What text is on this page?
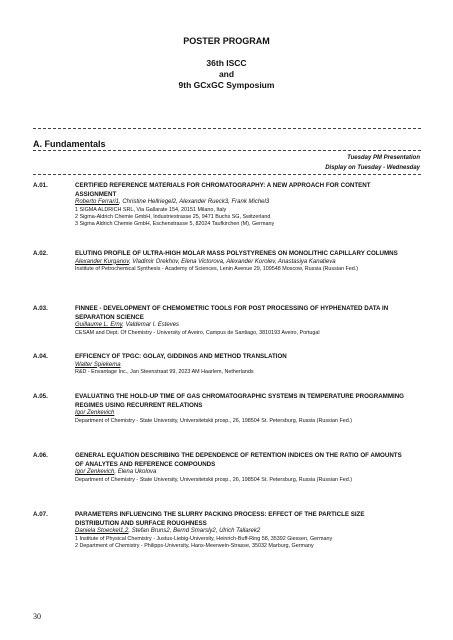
POSTER PROGRAM
36th ISCC
and
9th GCxGC Symposium
A. Fundamentals
Tuesday PM Presentation
Display on Tuesday - Wednesday
A.01.	CERTIFIED REFERENCE MATERIALS FOR CHROMATOGRAPHY: A NEW APPROACH FOR CONTENT ASSIGNMENT
Roberto Ferrari1, Christine Hellriegel2, Alexander Rueck3, Frank Michel3
1 SIGMA ALDRICH SRL, Via Gallarate 154, 20151 Milano, Italy
2 Sigma-Aldrich Chemie GmbH, Industriestrasse 25, 9471 Buchs SG, Switzerland
3 Sigma Aldrich Chemie GmbH, Eschenstrasse 5, 82024 Taufkirchen (M), Germany
A.02.	ELUTING PROFILE OF ULTRA-HIGH MOLAR MASS POLYSTYRENES ON MONOLITHIC CAPILLARY COLUMNS
Alexander Kurganov, Vladimir Orekhov, Elena Victorova, Alexander Korolev, Anastasiya Kanatieva
Institute of Petrochemical Synthesis - Academy of Sciences, Lenin Avenue 29, 109548 Moscow, Russia (Russian Fed.)
A.03.	FINNEE - DEVELOPMENT OF CHEMOMETRIC TOOLS FOR POST PROCESSING OF HYPHENATED DATA IN SEPARATION SCIENCE
Guillaume L. Erny, Valdemar I. Esteves
CESAM and Dept. Of Chemistry - University of Aveiro, Campus de Santiago, 3810193 Aveiro, Portugal
A.04.	EFFICENCY OF TPGC: GOLAY, GIDDINGS AND METHOD TRANSLATION
Walter Spiekema
R&D - Envantage Inc., Jan Steenstraat 99, 2023 AM Haarlem, Netherlands
A.05.	EVALUATING THE HOLD-UP TIME OF GAS CHROMATOGRAPHIC SYSTEMS IN TEMPERATURE PROGRAMMING REGIMES USING RECURRENT RELATIONS
Igor Zenkevich
Department of Chemistry - State University, Universitetskii prosp., 26, 198504 St. Petersburg, Russia (Russian Fed.)
A.06.	GENERAL EQUATION DESCRIBING THE DEPENDENCE OF RETENTION INDICES ON THE RATIO OF AMOUNTS OF ANALYTES AND REFERENCE COMPOUNDS
Igor Zenkevich, Elena Ukolova
Department of Chemistry - State University, Universitetskii prosp., 26, 198504 St. Petersburg, Russia (Russian Fed.)
A.07.	PARAMETERS INFLUENCING THE SLURRY PACKING PROCESS: EFFECT OF THE PARTICLE SIZE DISTRIBUTION AND SURFACE ROUGHNESS
Daniela Stoeckel1,2, Stefan Bruns2, Bernd Smarsly2, Ulrich Tallarek2
1 Institute of Physical Chemistry - Justus-Liebig-University, Heinrich-Buff-Ring 58, 35392 Giessen, Germany
2 Department of Chemistry - Philipps-University, Hans-Meerwein-Strasse, 35032 Marburg, Germany
30
